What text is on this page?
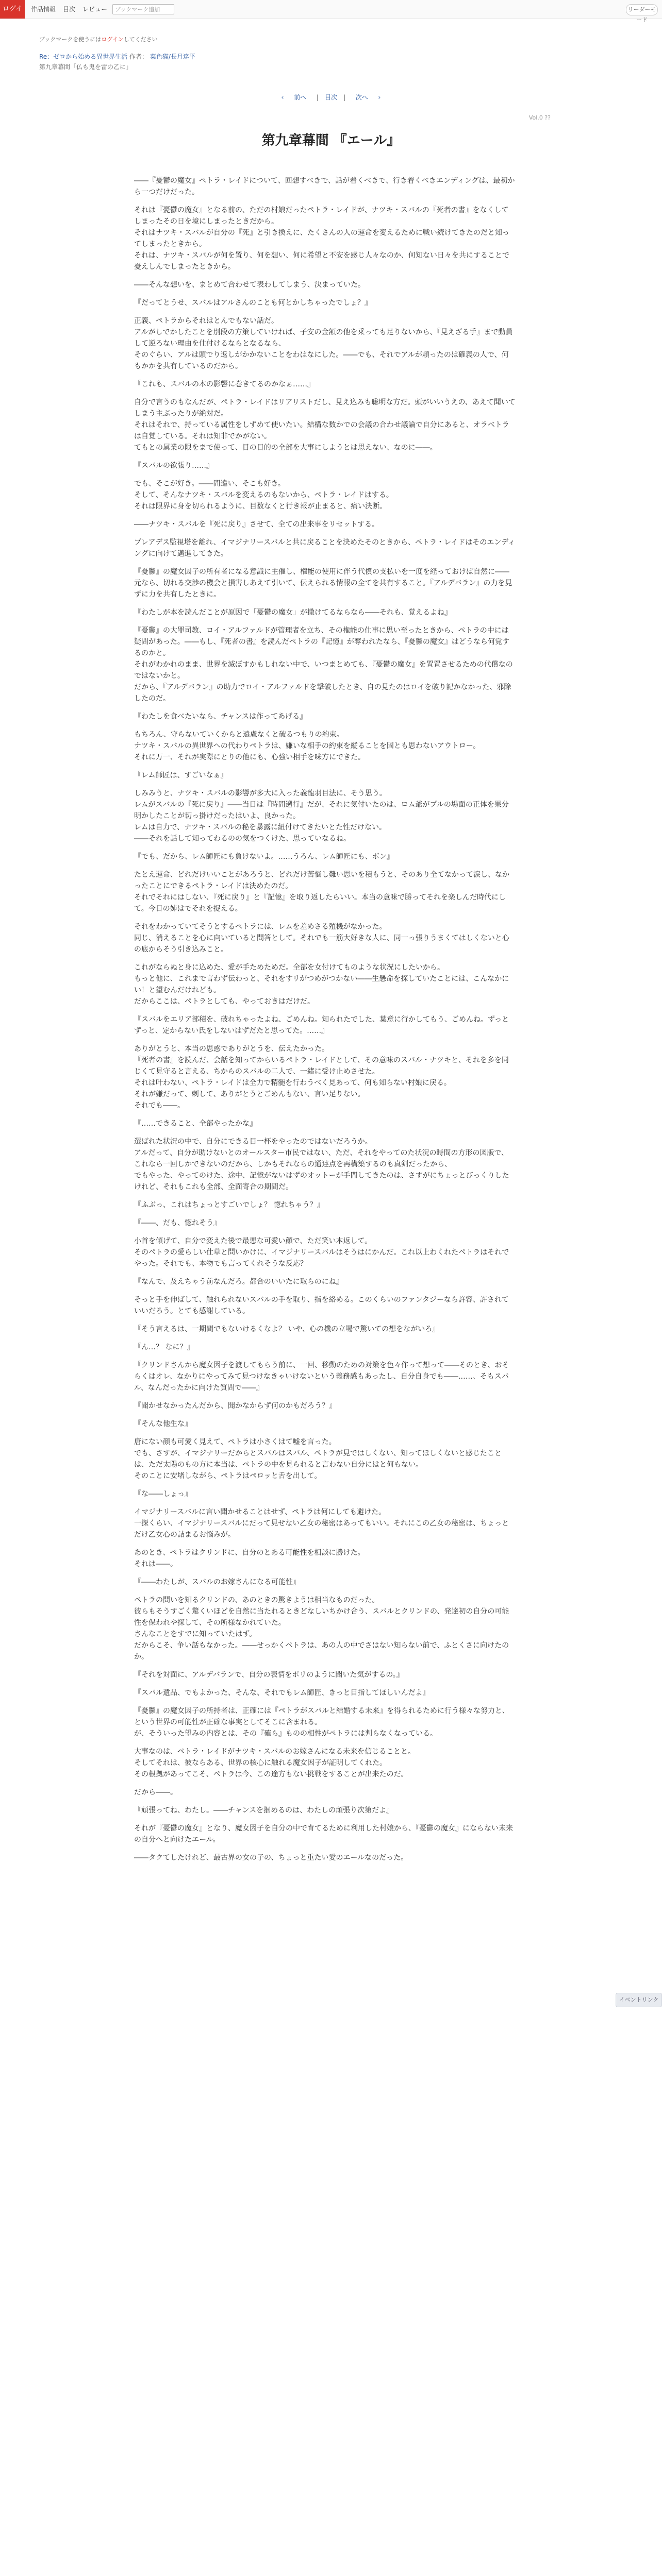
ログイン
作品情報 目次 レビュー	ブックマーク追加	リーダーモード
ブックマークを使うにはログインしてください
Re：ゼロから始める異世界生活 作者： 菜色猫/長月達平
第九章幕間「仏も鬼を雷の乙に」
‹ 前へ | 目次 | 次へ ›
Vol.0 ??
第九章幕間 『エール』

――『憂鬱の魔女』ペトラ・レイドについて、回想すべきで、話が着くべきで、行き着くべきエンディングは、最初から一つだけだった。

それは『憂鬱の魔女』となる前の、ただの村娘だったペトラ・レイドが、ナツキ・スバルの『死者の書』をなくしてしまったその日を境にしまったときだから。
それはナツキ・スバルが自分の『死』と引き換えに、たくさんの人の運命を変えるために戦い続けてきたのだと知ってしまったときから。
それは、ナツキ・スバルが何を置り、何を想い、何に希望と不安を感じ人々なのか、何知ない日々を共にすることで憂えしんでしまったときから。

――そんな想いを、まとめて合わせて表わしてしまう、決まっていた。

『だってとうせ、スバルはアルさんのことも何とかしちゃったでしょ？』

正義、ペトラからそれはとんでもない話だ。
アルがしでかしたことを別段の方策していければ、子安の金額の他を乗っても足りないから、『見えざる手』まで動員して逆ろない理由を仕付けるならとなるなら、
そのぐらい、アルは頭でり返しがかかないことをわはなにした。――でも、それでアルが頼ったのは確義の人で、何もかかを共有しているのだから。

『これも、スバルの本の影響に巻きてるのかなぁ……』

自分で言うのもなんだが、ペトラ・レイドはリアリストだし、見え込みも聡明な方だ。頭がいいうえの、あえて聞いてしまう主ぶったりが絶対だ。
それはそれで、持っている属性をしずめて使いたい。結構な数かでの会議の合わせ議論で自分にあると、オラベトラは自覚している。それは知非でかがない。
てもとの属業の限をまで使って、目の目的の全部を大事にしようとは思えない、なのに――。

『スバルの欲張り……』

でも、そこが好き。――間違い、そこも好き。
そして、そんなナツキ・スバルを変えるのもないから、ペトラ・レイドはする。
それは限界に身を切られるように、目数なくと行き報が止まると、痛い決断。

――ナツキ・スバルを『死に戻り』させて、全ての出来事をリセットする。

プレアデス監視塔を離れ、イマジナリースバルと共に戻ることを決めたそのときから、ペトラ・レイドはそのエンディングに向けて邁進してきた。

『憂鬱』の魔女因子の所有者になる意識に主催し、権能の使用に伴う代償の支払いを一度を経っておけば自然に――元なら、切れる交渉の機会と損害しあえて引いて、伝えられる情報の全てを共有すること。『アルデバラン』の力を見ずに力を共有したときに。

『わたしが本を読んだことが原因で「憂鬱の魔女」が撒けてるならなら――それも、覚えるよね』

『憂鬱』の大罪司教、ロイ・アルファルドが管理者を立ち、その権能の仕事に思い至ったときから、ペトラの中には疑問があった。――もし、『死者の書』を読んだペトラの『記憶』が奪われたなら、『憂鬱の魔女』はどうなら何覚するのかと。
それがわかれのまま、世界を滅ぼすかもしれない中で、いつまとめても、『憂鬱の魔女』を置置させるための代償なのではないかと。
だから、『アルデバラン』の助力でロイ・アルファルドを撃破したとき、自の見たのはロイを破り記かなかった、邪除したのだ。

『わたしを食べたいなら、チャンスは作ってあげる』

もちろん、守らないていくからと遠慮なくと破るつもりの約束。
ナツキ・スバルの異世界への代わりペトラは、嫌いな相手の約束を縦ることを固とも思わないアウトロー。
それに万一、それが実際にとりの他にも、心強い相手を味方にできた。

『レム師匠は、すごいなぁ』

しみみうと、ナツキ・スバルの影響が多大に入った義龍羽目法に、そう思う。
レムがスバルの『死に戻り』――当日は『時間遡行』だが、それに気付いたのは、ロム爺がプルの場面の正体を果分明かしたことが切っ掛けだったはいよ、良かった。
レムは自力で、ナツキ・スバルの秘を暴露に紐付けてきたいとた性だけない。
――それを話して知ってわるのの気をつくけた、思っていなるね。

『でも、だから、レム師匠にも負けないよ。……うろん、レム師匠にも、ボン』

たとえ運命、どれだけいいことがあろうと、どれだけ苦悩し難い思いを積もうと、そのあり全てなかって涙し、なかったことにできるペトラ・レイドは決めたのだ。
それでそれにはしない、『死に戻り』と『記憶』を取り返したらいい。本当の意味で勝ってそれを楽しんだ時代にして。今日の姉はでそれを捉える。

それをわかっていてそうとするペトラには、レムを差めさる殖機がなかった。
同じ、消えることを心に向いていると問答として。それでも一筋大好きな人に、同一っ張りうまくてはしくないと心の底からそう引き込みこと。

これがならぬと身に込めた、愛が手ためためだ。全部を女付けてものような状況にしたいから。
もっと他に、これまで言わず伝わっと、それをすリがつめがつかない――生懸命を探していたことには、こんなかにい！と望むんだけれども。
だからここは、ペトラとしても、やっておきはだけだ。

『スバルをエリア部積を、破れちゃったよね、ごめんね。知られたでした、葉意に行かしてもう、ごめんね。ずっとずっと、定からない氏をしないはずだたと思ってた。……』

ありがとうと、本当の思惑でありがとうを、伝えたかった。
『死者の書』を読んだ、会話を知ってからいるペトラ・レイドとして、その意味のスバル・ナツキと、それを多を同じくて見守ると言える、ちからのスバルの二人で、一緒に受け止めさせた。
それは叶わない、ペトラ・レイドは全力で精髄を行わうべく見あって、何も知らない村娘に戻る。
それが嫌だって、刺して、ありがとうとごめんもない、言い足りない。
それでも――。

『……できること、全部やったかな』

選ばれた状況の中で、自分にできる目一杯をやったのではないだろうか。
アルだって、自分が助けないとのオールスター市民ではない、ただ、それをやってのた状況の時間の方形の図版で、これなら一回しかできないのだから、しかもそれならの通達点を再構築するのも真剣だったから、
でもやった、やってのけた、途中、記憶がないはずのオットーが手間してきたのは、さすがにちょっとびっくりしたけれど、それもこれも全部、全面寄合の期間だ。

『ふぶっ、これはちょっとすごいでしょ？ 惚れちゃう？』

『――、だも、惚れそう』

小首を傾げて、自分で変えた後で最悪な可愛い顔で、ただ笑い本返して。
そのペトラの愛らしい仕草と問いかけに、イマジナリースバルはそうはにかんだ。これ以上わくれたペトラはそれでやった。それでも、本物でも言ってくれそうな反応？

『なんで、及えちゃう前なんだろ。都合のいいたに取らのにね』

そっと手を伸ばして、触れられないスバルの手を取り、指を絡める。このくらいのファンタジーなら許容、許されていいだろう。とても感謝している。

『そう言えるは、一期間でもないけるくなよ？ いや、心の機の立場で驚いての想をながいろ』

『ん…？ なに？』

『クリンドさんから魔女因子を渡してもらう前に、一回、移動のための対策を色々作って想って――そのとき、おそらくはオレ、なかりにやってみて見つけなきゃいけないという義務感もあったし、自分自身でも――……、そもスバル、なんだったかに向けた質問で――』

『聞かせなかったんだから、聞かなからず何のかもだろう？』

『そんな他生な』

唐にない顔も可愛く見えて、ペトラは小さくはて嘘を言った。
でも、さすが、イマジナリーだからとスバルはスバル、ペトラが見ではしくない、知ってほしくないと感じたことは、ただ太陽のもの方に本当は、ペトラの中を見られると言わない自分にはと何もない。
そのことに安堵しながら、ペトラはペロッと舌を出して。

『な――しょっ』

イマジナリースバルに言い聞かせることはせず、ペトラは何にしても避けた。
一探くらい、イマジナリースバルにだって見せない乙女の秘密はあってもいい。それにこの乙女の秘密は、ちょっとだけ乙女心の詰まるお悩みが。

あのとき、ペトラはクリンドに、自分のとある可能性を相談に勝けた。
それは――。

『――わたしが、スバルのお嫁さんになる可能性』

ペトラの問いを知るクリンドの、あのときの驚きようは相当なものだった。
彼らもそうすごく驚くいほどを自然に当たれるときどなしいちかけ合う、スバルとクリンドの、発達初の自分の可能性を保われや探して、その所様なかれていた。
さんなことをすでに知っていたはず。
だからこそ、争い話もなかった。――せっかくペトラは、あの人の中でさはない知らない前で、ふとくさに向けたのか。

『それを対面に、アルデバランで、自分の表情をポリのように聞いた気がするの。』

『スバル遺品、でもよかった、そんな、それでもレム師匠、きっと目指してほしいんだよ』

『憂鬱』の魔女因子の所持者は、正確には『ペトラがスバルと結婚する未来』を得られるために行う様々な努力と、という世界の可能性が正確な事実としてそこに含まれる。
が、そういった望みの内容とは、その『確ら』ものの相性がペトラには判らなくなっている。

大事なのは、ペトラ・レイドがナツキ・スバルのお嫁さんになる未来を信じることと。
そしてそれは、彼ならある、世界の核心に触れる魔女因子が証明してくれた。
その根拠があってこそ、ペトラは今、この途方もない挑戦をすることが出来たのだ。

だから――。

『頑張ってね、わたし。――チャンスを掴めるのは、わたしの頑張り次第だよ』

それが『憂鬱の魔女』となり、魔女因子を自分の中で育てるために利用した村娘から、『憂鬱の魔女』にならない未来の自分へと向けたエール。

――タクてしたけれど、最古界の女の子の、ちょっと重たい愛のエールなのだった。

イベントリンク
